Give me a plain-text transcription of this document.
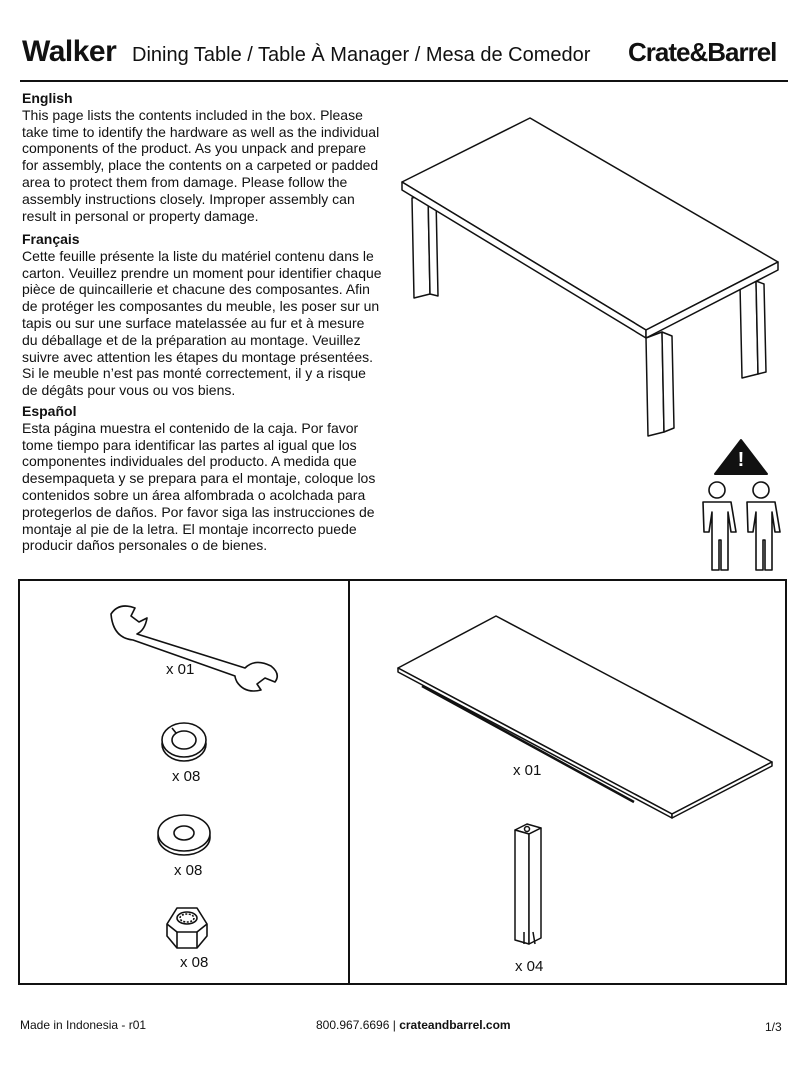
Walker Dining Table / Table À Manager / Mesa de Comedor Crate&Barrel
English

This page lists the contents included in the box. Please take time to identify the hardware as well as the individual components of the product. As you unpack and prepare for assembly, place the contents on a carpeted or padded area to protect them from damage. Please follow the assembly instructions closely. Improper assembly can result in personal or property damage.

Français

Cette feuille présente la liste du matériel contenu dans le carton. Veuillez prendre un moment pour identifier chaque pièce de quincaillerie et chacune des composantes. Afin de protéger les composantes du meuble, les poser sur un tapis ou sur une surface matelassée au fur et à mesure du déballage et de la préparation au montage. Veuillez suivre avec attention les étapes du montage présentées. Si le meuble n’est pas monté correctement, il y a risque de dégâts pour vous ou vos biens.

Español

Esta página muestra el contenido de la caja. Por favor tome tiempo para identificar las partes al igual que los componentes individuales del producto. A medida que desempaquetа y se prepara para el montaje, coloque los contenidos sobre un área alfombrada o acolchada para protegerlos de daños. Por favor siga las instrucciones de montaje al pie de la letra. El montaje incorrecto puede producir daños personales o de bienes.

!
x 01
x 08
x 08
x 08
x 01
x 04
Made in Indonesia - r01	800.967.6696 | crateandbarrel.com	1/3
